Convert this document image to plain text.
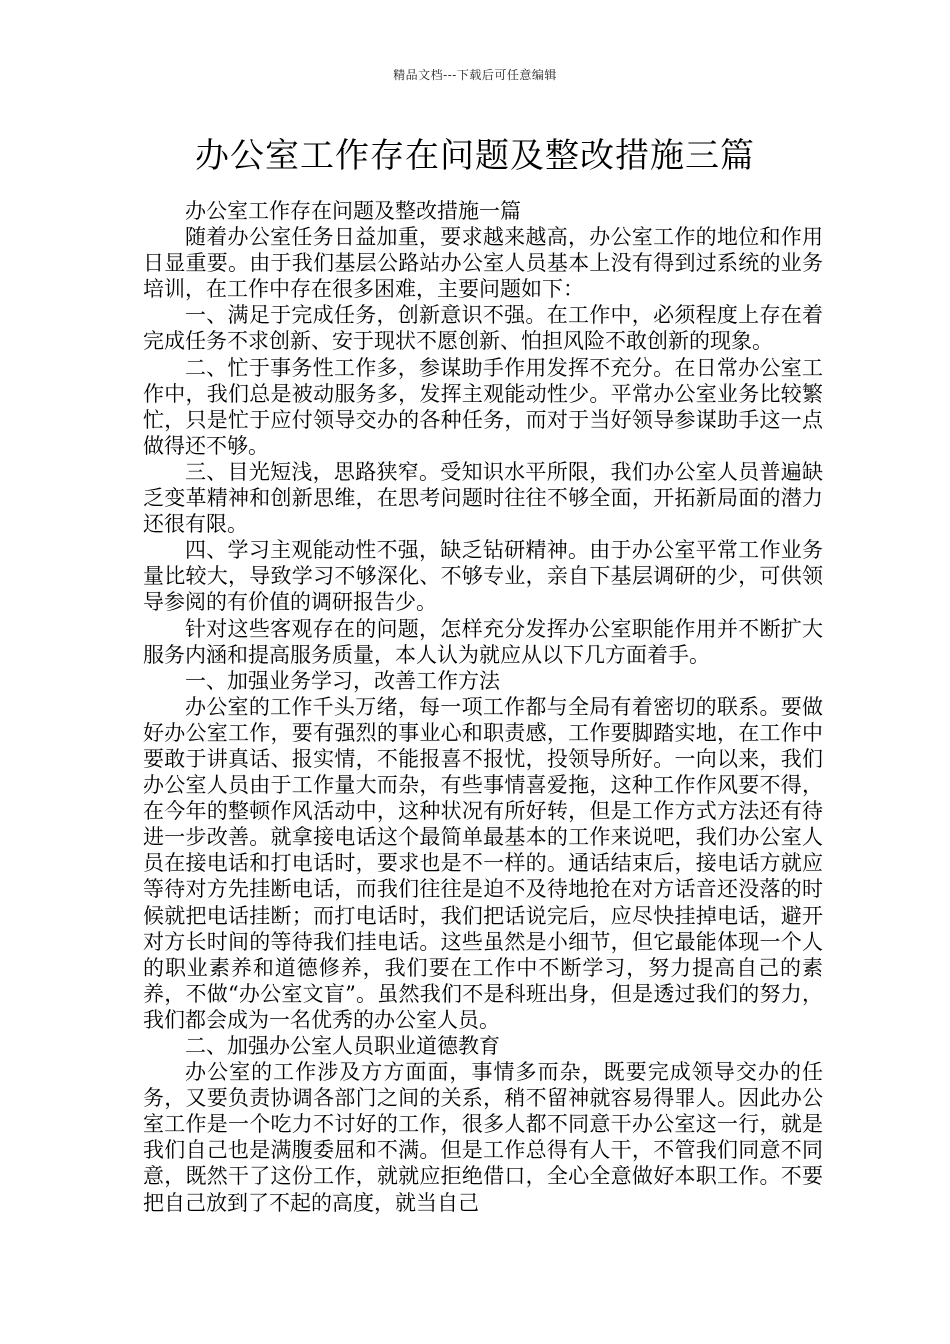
精品文档---下载后可任意编辑
办公室工作存在问题及整改措施三篇

办公室工作存在问题及整改措施一篇

随着办公室任务日益加重，要求越来越高，办公室工作的地位和作用日显重要。由于我们基层公路站办公室人员基本上没有得到过系统的业务培训，在工作中存在很多困难，主要问题如下：

一、满足于完成任务，创新意识不强。在工作中，必须程度上存在着完成任务不求创新、安于现状不愿创新、怕担风险不敢创新的现象。

二、忙于事务性工作多，参谋助手作用发挥不充分。在日常办公室工作中，我们总是被动服务多，发挥主观能动性少。平常办公室业务比较繁忙，只是忙于应付领导交办的各种任务，而对于当好领导参谋助手这一点做得还不够。

三、目光短浅，思路狭窄。受知识水平所限，我们办公室人员普遍缺乏变革精神和创新思维，在思考问题时往往不够全面，开拓新局面的潜力还很有限。

四、学习主观能动性不强，缺乏钻研精神。由于办公室平常工作业务量比较大，导致学习不够深化、不够专业，亲自下基层调研的少，可供领导参阅的有价值的调研报告少。

针对这些客观存在的问题，怎样充分发挥办公室职能作用并不断扩大服务内涵和提高服务质量，本人认为就应从以下几方面着手。

一、加强业务学习，改善工作方法

办公室的工作千头万绪，每一项工作都与全局有着密切的联系。要做好办公室工作，要有强烈的事业心和职责感，工作要脚踏实地，在工作中要敢于讲真话、报实情，不能报喜不报忧，投领导所好。一向以来，我们办公室人员由于工作量大而杂，有些事情喜爱拖，这种工作作风要不得，在今年的整顿作风活动中，这种状况有所好转，但是工作方式方法还有待进一步改善。就拿接电话这个最简单最基本的工作来说吧，我们办公室人员在接电话和打电话时，要求也是不一样的。通话结束后，接电话方就应等待对方先挂断电话，而我们往往是迫不及待地抢在对方话音还没落的时候就把电话挂断；而打电话时，我们把话说完后，应尽快挂掉电话，避开对方长时间的等待我们挂电话。这些虽然是小细节，但它最能体现一个人的职业素养和道德修养，我们要在工作中不断学习，努力提高自己的素养，不做“办公室文盲”。虽然我们不是科班出身，但是透过我们的努力，我们都会成为一名优秀的办公室人员。

二、加强办公室人员职业道德教育

办公室的工作涉及方方面面，事情多而杂，既要完成领导交办的任务，又要负责协调各部门之间的关系，稍不留神就容易得罪人。因此办公室工作是一个吃力不讨好的工作，很多人都不同意干办公室这一行，就是我们自己也是满腹委屈和不满。但是工作总得有人干，不管我们同意不同意，既然干了这份工作，就就应拒绝借口，全心全意做好本职工作。不要把自己放到了不起的高度，就当自己
